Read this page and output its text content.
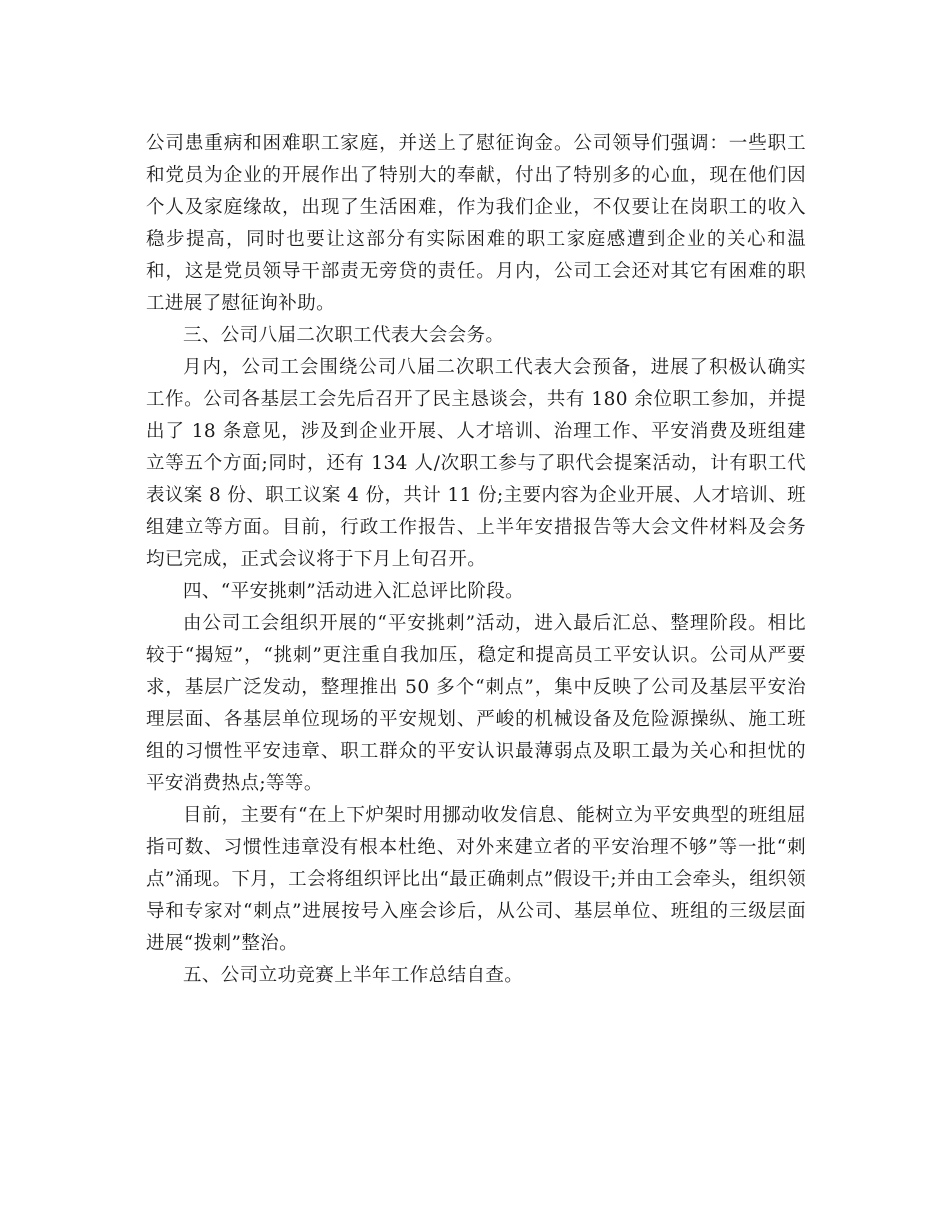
公司患重病和困难职工家庭，并送上了慰征询金。公司领导们强调：一些职工和党员为企业的开展作出了特别大的奉献，付出了特别多的心血，现在他们因个人及家庭缘故，出现了生活困难，作为我们企业，不仅要让在岗职工的收入稳步提高，同时也要让这部分有实际困难的职工家庭感遭到企业的关心和温和，这是党员领导干部责无旁贷的责任。月内，公司工会还对其它有困难的职工进展了慰征询补助。

三、公司八届二次职工代表大会会务。

月内，公司工会围绕公司八届二次职工代表大会预备，进展了积极认确实工作。公司各基层工会先后召开了民主恳谈会，共有 180 余位职工参加，并提出了 18 条意见，涉及到企业开展、人才培训、治理工作、平安消费及班组建立等五个方面;同时，还有 134 人/次职工参与了职代会提案活动，计有职工代表议案 8 份、职工议案 4 份，共计 11 份;主要内容为企业开展、人才培训、班组建立等方面。目前，行政工作报告、上半年安措报告等大会文件材料及会务均已完成，正式会议将于下月上旬召开。

四、“平安挑刺”活动进入汇总评比阶段。

由公司工会组织开展的“平安挑刺”活动，进入最后汇总、整理阶段。相比较于“揭短”，“挑刺”更注重自我加压，稳定和提高员工平安认识。公司从严要求，基层广泛发动，整理推出 50 多个“刺点”，集中反映了公司及基层平安治理层面、各基层单位现场的平安规划、严峻的机械设备及危险源操纵、施工班组的习惯性平安违章、职工群众的平安认识最薄弱点及职工最为关心和担忧的平安消费热点;等等。

目前，主要有“在上下炉架时用挪动收发信息、能树立为平安典型的班组屈指可数、习惯性违章没有根本杜绝、对外来建立者的平安治理不够”等一批“刺点”涌现。下月，工会将组织评比出“最正确刺点”假设干;并由工会牵头，组织领导和专家对“刺点”进展按号入座会诊后，从公司、基层单位、班组的三级层面进展“拨刺”整治。

五、公司立功竞赛上半年工作总结自查。
